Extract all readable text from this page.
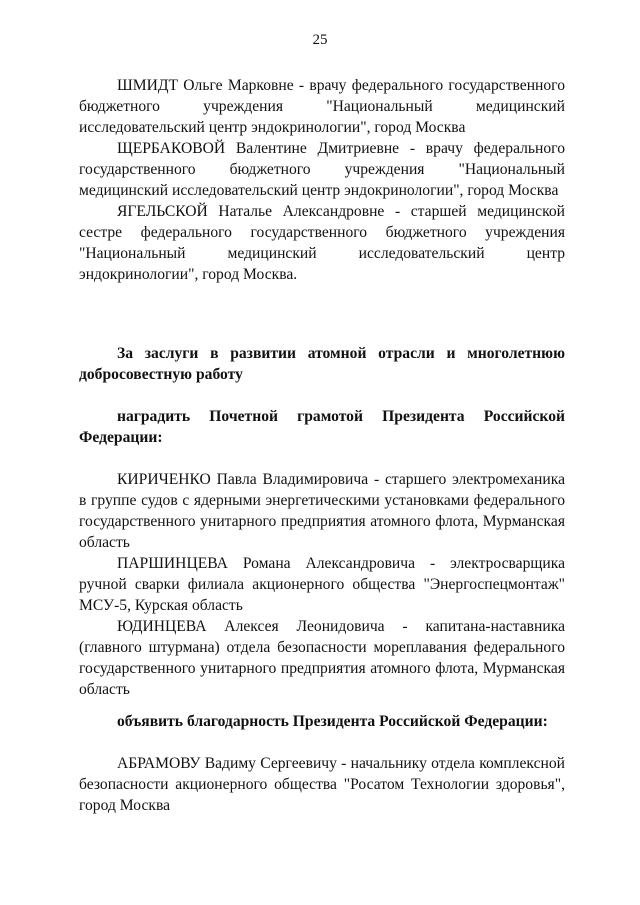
25

ШМИДТ Ольге Марковне - врачу федерального государственного бюджетного учреждения "Национальный медицинский исследовательский центр эндокринологии", город Москва

ЩЕРБАКОВОЙ Валентине Дмитриевне - врачу федерального государственного бюджетного учреждения "Национальный медицинский исследовательский центр эндокринологии", город Москва

ЯГЕЛЬСКОЙ Наталье Александровне - старшей медицинской сестре федерального государственного бюджетного учреждения "Национальный медицинский исследовательский центр эндокринологии", город Москва.

За заслуги в развитии атомной отрасли и многолетнюю добросовестную работу

наградить Почетной грамотой Президента Российской Федерации:

КИРИЧЕНКО Павла Владимировича - старшего электромеханика в группе судов с ядерными энергетическими установками федерального государственного унитарного предприятия атомного флота, Мурманская область

ПАРШИНЦЕВА Романа Александровича - электросварщика ручной сварки филиала акционерного общества "Энергоспецмонтаж" МСУ-5, Курская область

ЮДИНЦЕВА Алексея Леонидовича - капитана-наставника (главного штурмана) отдела безопасности мореплавания федерального государственного унитарного предприятия атомного флота, Мурманская область

объявить благодарность Президента Российской Федерации:

АБРАМОВУ Вадиму Сергеевичу - начальнику отдела комплексной безопасности акционерного общества "Росатом Технологии здоровья", город Москва
